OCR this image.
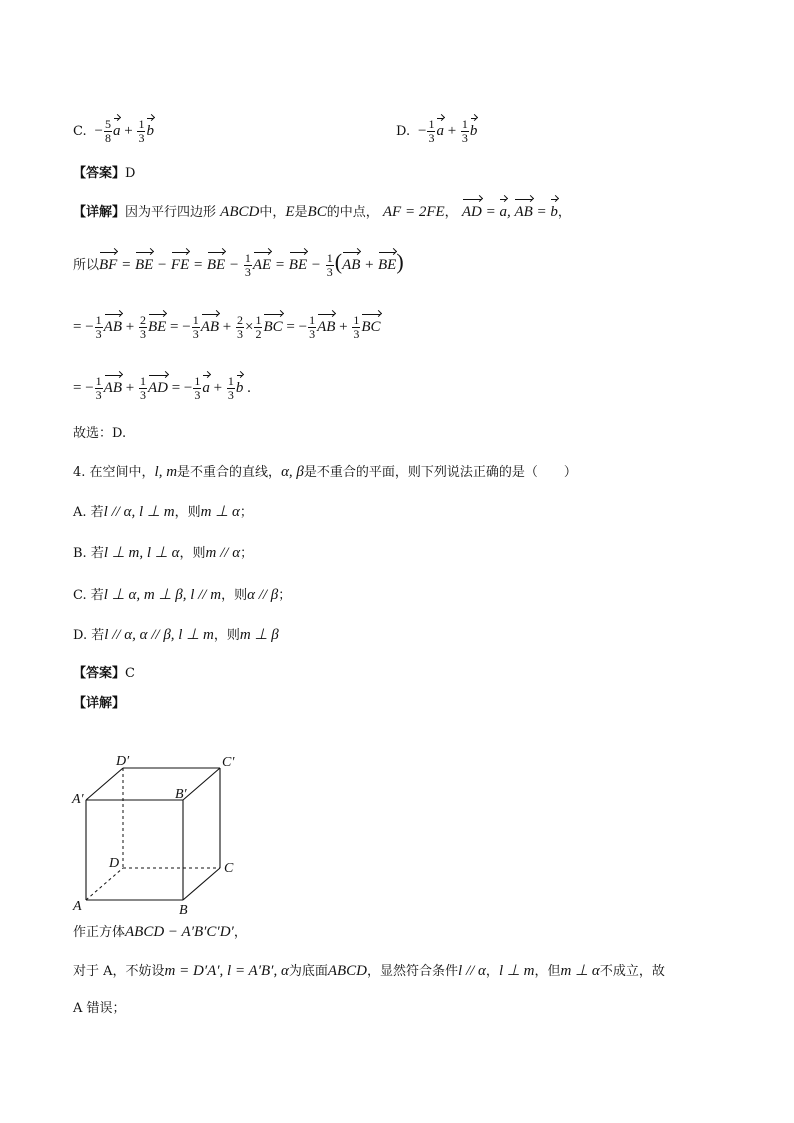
C.  − $\frac{5}{8}$ $a + \frac{1}{3}$ b	D.  − $\frac{1}{3}$ $a + \frac{1}{3}$ b
【答案】D
【详解】因为平行四边形 ABCD中，E是BC的中点， AF = 2FE， AD = a, AB = b，
所以BF = BE − FE = BE − $\frac{1}{3}$ AE = BE − $\frac{1}{3} (AB + BE)$
= − $\frac{1}{3}$ AB + $\frac{2}{3}$ BE = − $\frac{1}{3}$ AB + $\frac{2}{3} \times \frac{1}{2}$ BC = − $\frac{1}{3}$ AB + $\frac{1}{3}$ BC
= − $\frac{1}{3}$ AB + $\frac{1}{3}$ AD = − $\frac{1}{3}$ $a + \frac{1}{3}$ b .
故选：D.
4. 在空间中，l, m是不重合的直线，α, β是不重合的平面，则下列说法正确的是（　　）
A. 若l // α, l ⊥ m，则m ⊥ α；
B. 若l ⊥ m, l ⊥ α，则m // α；
C. 若l ⊥ α, m ⊥ β, l // m，则α // β；
D. 若l // α, α // β, l ⊥ m，则m ⊥ β
【答案】C
【详解】
D′	C′
A′	B′
D	C
A	B
作正方体ABCD − A′B′C′D′，
对于 A，不妨设m = D′A′, l = A′B′, α为底面ABCD，显然符合条件l // α，l ⊥ m，但m ⊥ α不成立，故
A 错误；
